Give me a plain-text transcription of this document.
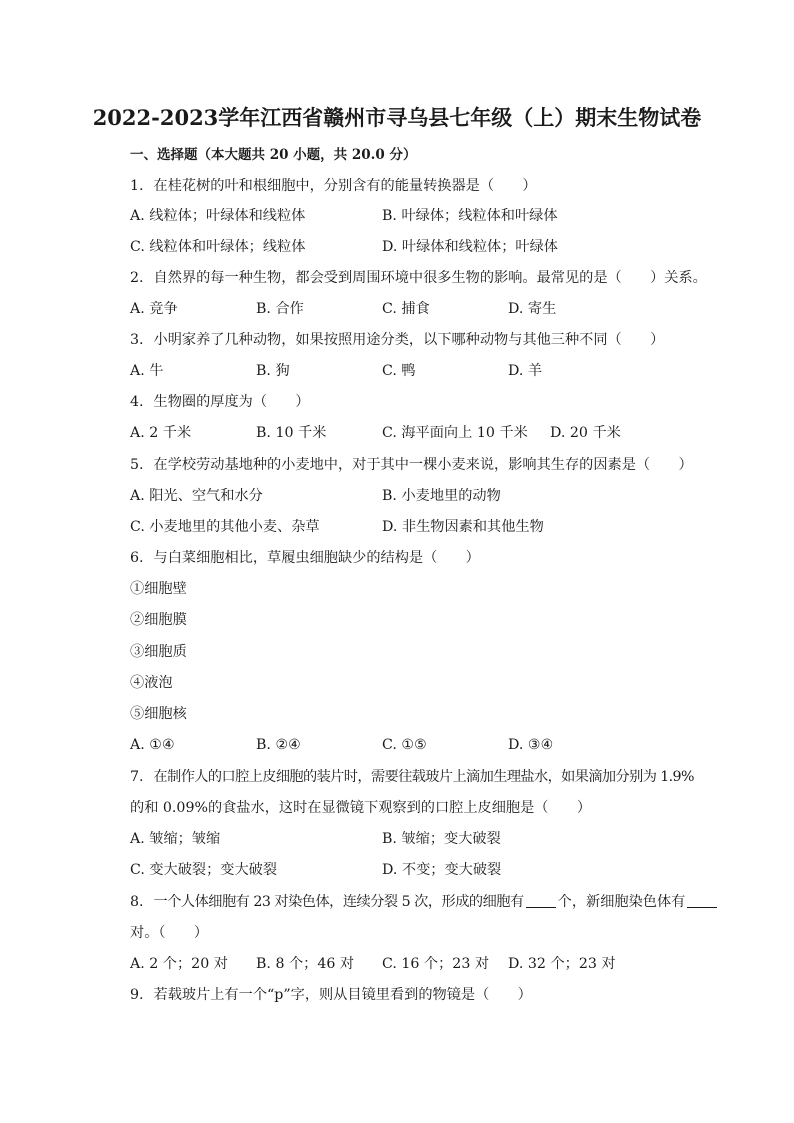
2022-2023学年江西省赣州市寻乌县七年级（上）期末生物试卷
一、选择题（本大题共 20 小题，共 20.0 分）
1. 在桂花树的叶和根细胞中，分别含有的能量转换器是（　　）
A. 线粒体；叶绿体和线粒体	B. 叶绿体；线粒体和叶绿体
C. 线粒体和叶绿体；线粒体	D. 叶绿体和线粒体；叶绿体
2. 自然界的每一种生物，都会受到周围环境中很多生物的影响。最常见的是（　　）关系。
A. 竞争	B. 合作	C. 捕食	D. 寄生
3. 小明家养了几种动物，如果按照用途分类，以下哪种动物与其他三种不同（　　）
A. 牛	B. 狗	C. 鸭	D. 羊
4. 生物圈的厚度为（　　）
A. 2 千米	B. 10 千米	C. 海平面向上 10 千米 D. 20 千米
5. 在学校劳动基地种的小麦地中，对于其中一棵小麦来说，影响其生存的因素是（　　）
A. 阳光、空气和水分	B. 小麦地里的动物
C. 小麦地里的其他小麦、杂草	D. 非生物因素和其他生物
6. 与白菜细胞相比，草履虫细胞缺少的结构是（　　）
①细胞壁
②细胞膜
③细胞质
④液泡
⑤细胞核
A. ①④	B. ②④	C. ①⑤	D. ③④
7. 在制作人的口腔上皮细胞的装片时，需要往载玻片上滴加生理盐水，如果滴加分别为 1.9%
的和 0.09%的食盐水，这时在显微镜下观察到的口腔上皮细胞是（　　）
A. 皱缩；皱缩	B. 皱缩；变大破裂
C. 变大破裂；变大破裂	D. 不变；变大破裂
8. 一个人体细胞有 23 对染色体，连续分裂 5 次，形成的细胞有 个，新细胞染色体有
对。（　　）
A. 2 个；20 对 B. 8 个；46 对 C. 16 个；23 对 D. 32 个；23 对
9. 若载玻片上有一个“p”字，则从目镜里看到的物镜是（　　）
